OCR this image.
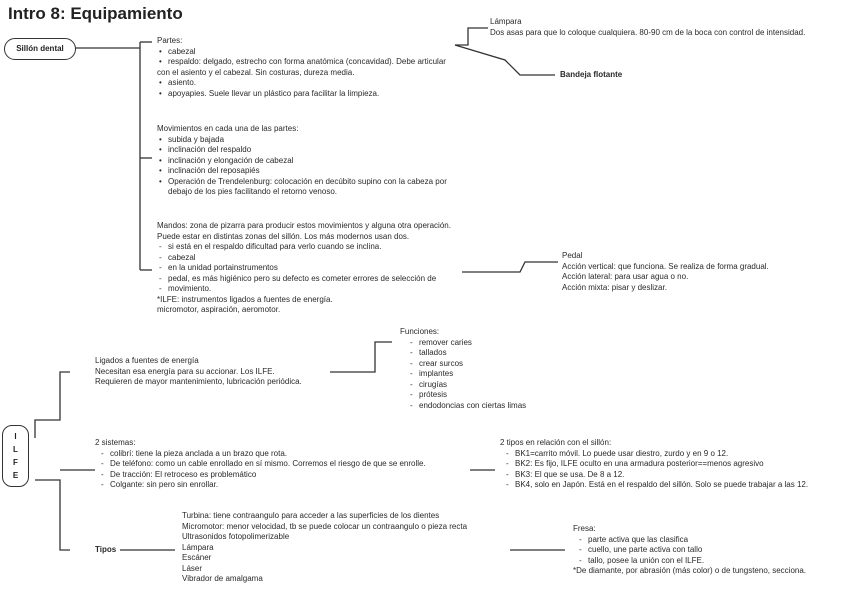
Intro 8: Equipamiento
Sillón dental
Partes:
• cabezal
• respaldo: delgado, estrecho con forma anatómica (concavidad). Debe articular
con el asiento y el cabezal. Sin costuras, dureza media.
• asiento.
• apoyapies. Suele llevar un plástico para facilitar la limpieza.
Movimientos en cada una de las partes:
• subida y bajada
• inclinación del respaldo
• inclinación y elongación de cabezal
• inclinación del reposapiés
• Operación de Trendelenburg: colocación en decúbito supino con la cabeza por
debajo de los pies facilitando el retorno venoso.
Mandos: zona de pizarra para producir estos movimientos y alguna otra operación.
Puede estar en distintas zonas del sillón. Los más modernos usan dos.
- si está en el respaldo dificultad para verlo cuando se inclina.
- cabezal
- en la unidad portainstrumentos
- pedal, es más higiénico pero su defecto es cometer errores de selección de
- movimiento.
*ILFE: instrumentos ligados a fuentes de energía.
micromotor, aspiración, aeromotor.
Lámpara
Dos asas para que lo coloque cualquiera. 80-90 cm de la boca con control de intensidad.
Bandeja flotante
Pedal
Acción vertical: que funciona. Se realiza de forma gradual.
Acción lateral: para usar agua o no.
Acción mixta: pisar y deslizar.
I
L
F
E
Ligados a fuentes de energía
Necesitan esa energía para su accionar. Los ILFE.
Requieren de mayor mantenimiento, lubricación periódica.
Funciones:
- remover caries
- tallados
- crear surcos
- implantes
- cirugías
- prótesis
- endodoncias con ciertas limas
2 sistemas:
- colibrí: tiene la pieza anclada a un brazo que rota.
- De teléfono: como un cable enrollado en sí mismo. Corremos el riesgo de que se enrolle.
- De tracción: El retroceso es problemático
- Colgante: sin pero sin enrollar.
2 tipos en relación con el sillón:
- BK1=carrito móvil. Lo puede usar diestro, zurdo y en 9 o 12.
- BK2: Es fijo, ILFE oculto en una armadura posterior==menos agresivo
- BK3: El que se usa. De 8 a 12.
- BK4, solo en Japón. Está en el respaldo del sillón. Solo se puede trabajar a las 12.
Tipos
Turbina: tiene contraangulo para acceder a las superficies de los dientes
Micromotor: menor velocidad, tb se puede colocar un contraangulo o pieza recta
Ultrasonidos fotopolimerizable
Lámpara
Escáner
Láser
Vibrador de amalgama
Fresa:
- parte activa que las clasifica
- cuello, une parte activa con tallo
- tallo, posee la unión con el ILFE.
*De diamante, por abrasión (más color) o de tungsteno, secciona.
